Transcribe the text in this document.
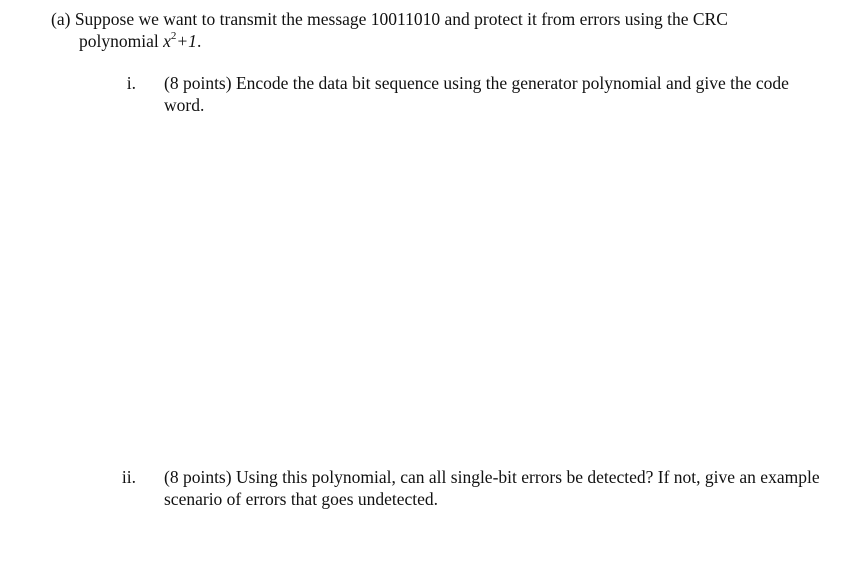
(a) Suppose we want to transmit the message 10011010 and protect it from errors using the CRC
polynomial $x^2+1$.
i. (8 points) Encode the data bit sequence using the generator polynomial and give the code word.
ii. (8 points) Using this polynomial, can all single-bit errors be detected? If not, give an example scenario of errors that goes undetected.
